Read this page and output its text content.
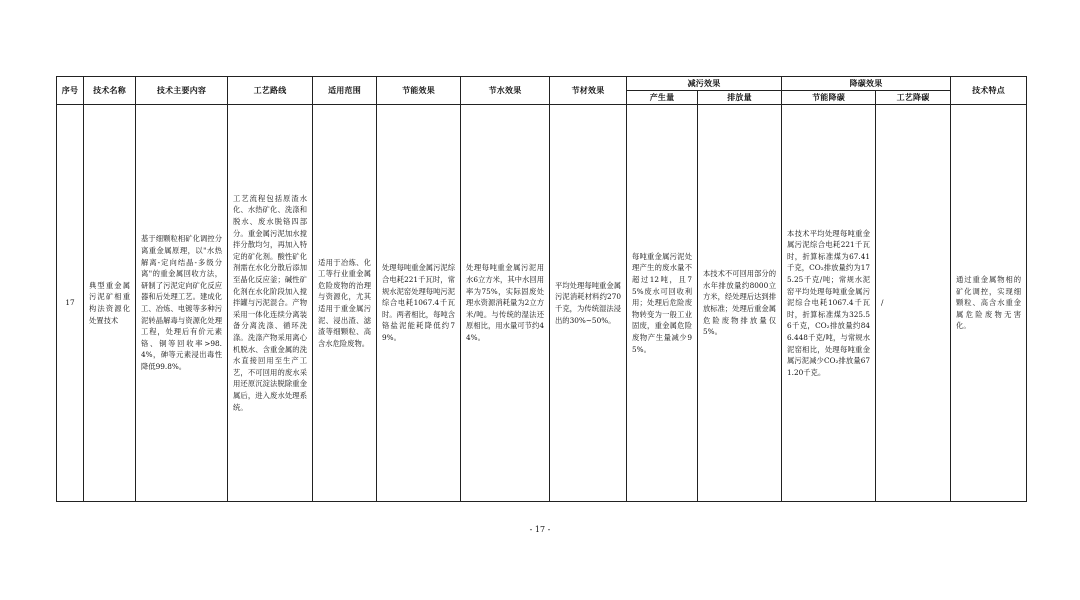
序号	技术名称	技术主要内容	工艺路线	适用范围	节能效果	节水效果	节材效果	减污效果		降碳效果		技术特点
								产生量	排放量	节能降碳	工艺降碳	
17	典型重金属污泥矿相重构法资源化处置技术	基于细颗粒相矿化调控分离重金属原理，以"水热解离-定向结晶-多级分离"的重金属回收方法，研制了污泥定向矿化反应器和后处理工艺。建成化工、冶炼、电镀等多种污泥转晶解毒与资源化处理工程，处理后有价元素铬、铜等回收率>98.4%，砷等元素浸出毒性降低99.8%。	工艺流程包括原渣水化、水热矿化、洗涤和脱水、废水脱铬四部分。重金属污泥加水搅拌分散均匀，再加入特定的矿化剂。酸性矿化剂需在水化分散后添加至晶化反应釜；碱性矿化剂在水化阶段加入搅拌罐与污泥混合。产物采用一体化连续分离装备分离洗涤、循环洗涤。洗涤产物采用离心机脱水、含重金属的洗水直接回用至生产工艺，不可回用的废水采用还原沉淀法脱除重金属后，进入废水处理系统。	适用于冶炼、化工等行业重金属危险废物的治理与资源化，尤其适用于重金属污泥、浸出渣、滤渣等细颗粒、高含水危险废物。	处理每吨重金属污泥综合电耗221千瓦时，常规水泥窑处理每吨污泥综合电耗1067.4千瓦时。两者相比，每吨含铬盐泥能耗降低约79%。	处理每吨重金属污泥用水6立方米，其中水回用率为75%，实际固废处理水资源消耗量为2立方米/吨。与传统的湿法还原相比，用水量可节约44%。	平均处理每吨重金属污泥消耗材料约270千克，为传统湿法浸出的30%~50%。	每吨重金属污泥处理产生的废水量不超过12吨，且75%废水可回收利用；处理后危险废物转变为一般工业固废，重金属危险废物产生量减少95%。	本技术不可回用部分的水年排放量约8000立方米，经处理后达到排放标准；处理后重金属危险废物排放量仅5%。	本技术平均处理每吨重金属污泥综合电耗221千瓦时，折算标准煤为67.41千克，CO₂排放量约为175.25千克/吨；常规水泥窑平均处理每吨重金属污泥综合电耗1067.4千瓦时，折算标准煤为325.56千克，CO₂排放量约846.448千克/吨，与常规水泥窑相比，处理每吨重金属污泥减少CO₂排放量671.20千克。	/	通过重金属物相的矿化调控，实现细颗粒、高含水重金属危险废物无害化。
- 17 -
